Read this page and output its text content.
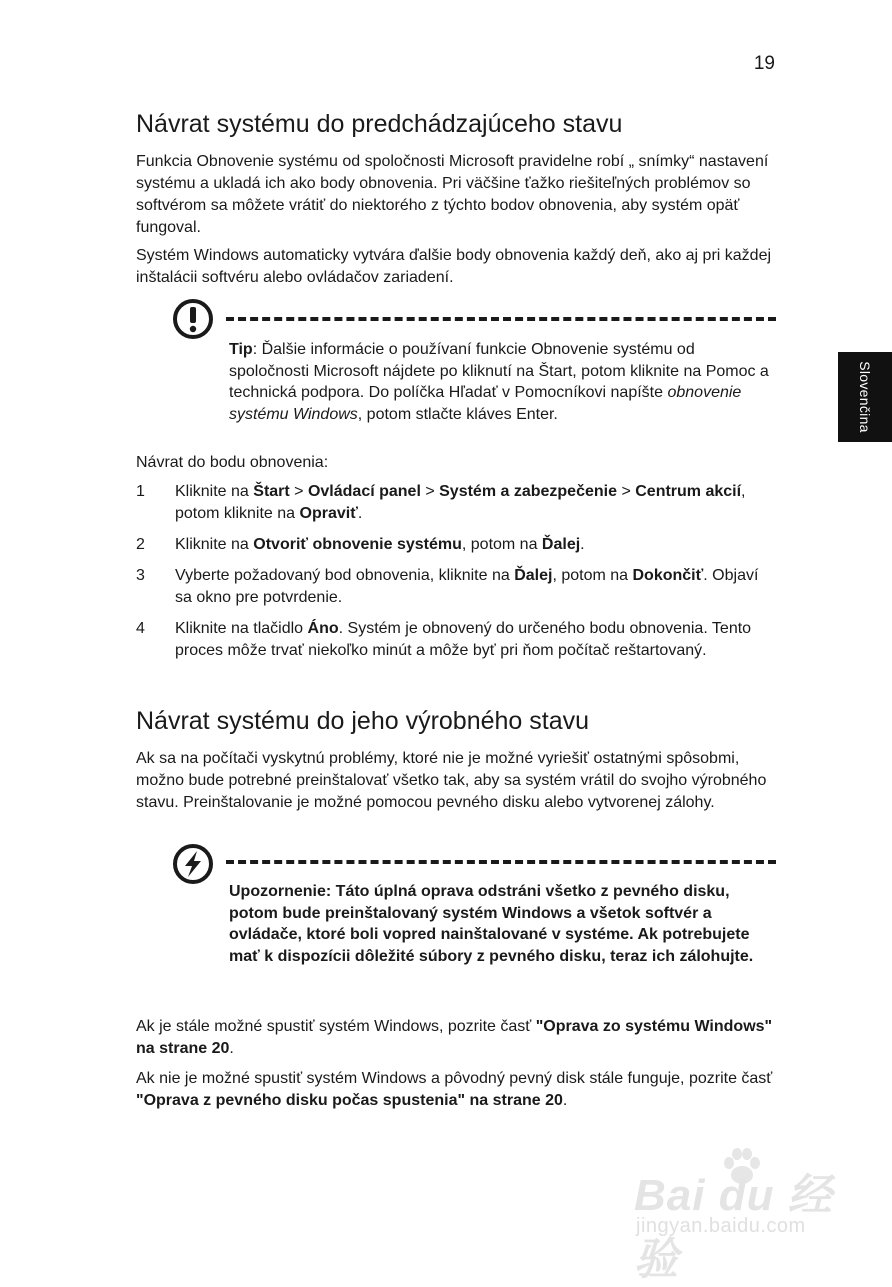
19
Slovenčina
Návrat systému do predchádzajúceho stavu

Funkcia Obnovenie systému od spoločnosti Microsoft pravidelne robí „ snímky“ nastavení systému a ukladá ich ako body obnovenia. Pri väčšine ťažko riešiteľných problémov so softvérom sa môžete vrátiť do niektorého z týchto bodov obnovenia, aby systém opäť fungoval.

Systém Windows automaticky vytvára ďalšie body obnovenia každý deň, ako aj pri každej inštalácii softvéru alebo ovládačov zariadení.

Tip: Ďalšie informácie o používaní funkcie Obnovenie systému od spoločnosti Microsoft nájdete po kliknutí na Štart, potom kliknite na Pomoc a technická podpora. Do políčka Hľadať v Pomocníkovi napíšte obnovenie systému Windows, potom stlačte kláves Enter.

Návrat do bodu obnovenia:

1 Kliknite na Štart > Ovládací panel > Systém a zabezpečenie > Centrum akcií, potom kliknite na Opraviť.
2 Kliknite na Otvoriť obnovenie systému, potom na Ďalej.
3 Vyberte požadovaný bod obnovenia, kliknite na Ďalej, potom na Dokončiť. Objaví sa okno pre potvrdenie.
4 Kliknite na tlačidlo Áno. Systém je obnovený do určeného bodu obnovenia. Tento proces môže trvať niekoľko minút a môže byť pri ňom počítač reštartovaný.
Návrat systému do jeho výrobného stavu

Ak sa na počítači vyskytnú problémy, ktoré nie je možné vyriešiť ostatnými spôsobmi, možno bude potrebné preinštalovať všetko tak, aby sa systém vrátil do svojho výrobného stavu. Preinštalovanie je možné pomocou pevného disku alebo vytvorenej zálohy.

Upozornenie: Táto úplná oprava odstráni všetko z pevného disku, potom bude preinštalovaný systém Windows a všetok softvér a ovládače, ktoré boli vopred nainštalované v systéme. Ak potrebujete mať k dispozícii dôležité súbory z pevného disku, teraz ich zálohujte.

Ak je stále možné spustiť systém Windows, pozrite časť "Oprava zo systému Windows" na strane 20.

Ak nie je možné spustiť systém Windows a pôvodný pevný disk stále funguje, pozrite časť "Oprava z pevného disku počas spustenia" na strane 20.

Bai du 经验
jingyan.baidu.com
